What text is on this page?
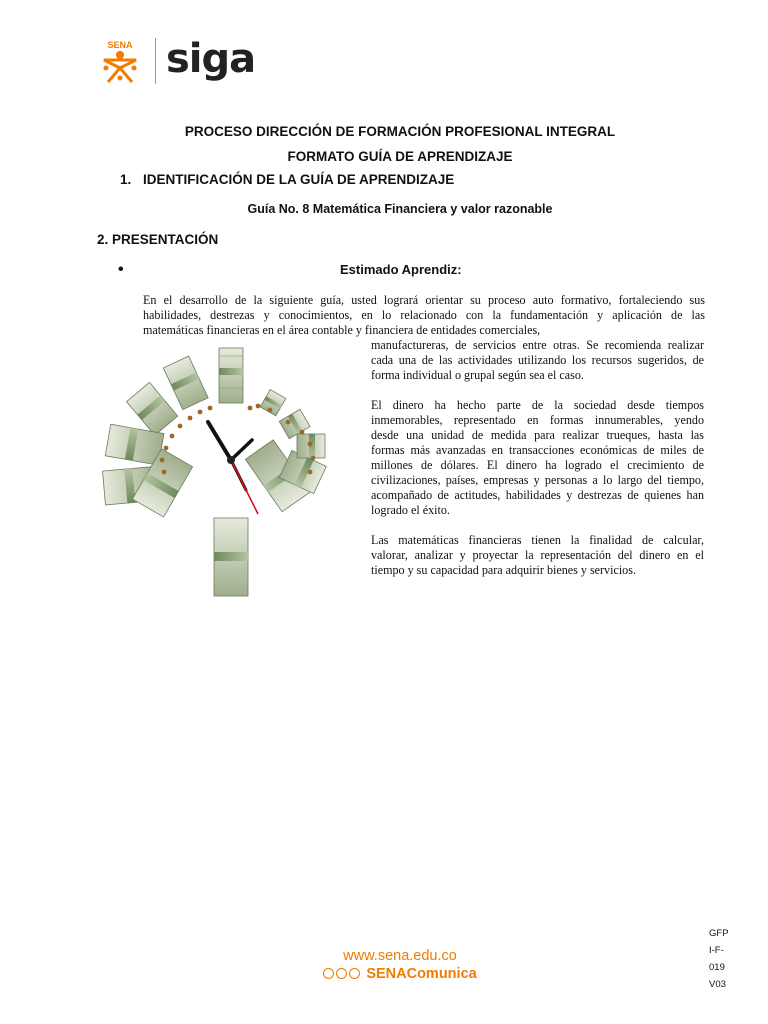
SENA siga
PROCESO DIRECCIÓN DE FORMACIÓN PROFESIONAL INTEGRAL
FORMATO GUÍA DE APRENDIZAJE
1. IDENTIFICACIÓN DE LA GUÍA DE APRENDIZAJE
Guía No. 8 Matemática Financiera y valor razonable
2. PRESENTACIÓN
•	Estimado Aprendiz:
En el desarrollo de la siguiente guía, usted logrará orientar su proceso auto formativo, fortaleciendo sus
habilidades, destrezas y conocimientos, en lo relacionado con la fundamentación y aplicación de las
matemáticas financieras en el área contable y financiera de entidades comerciales,
manufactureras, de servicios entre otras. Se recomienda realizar
cada una de las actividades utilizando los recursos sugeridos, de
forma individual o grupal según sea el caso.
El dinero ha hecho parte de la sociedad desde tiempos
inmemorables, representado en formas innumerables, yendo
desde una unidad de medida para realizar trueques, hasta las
formas más avanzadas en transacciones económicas de miles de
millones de dólares. El dinero ha logrado el crecimiento de
civilizaciones, países, empresas y personas a lo largo del tiempo,
acompañado de actitudes, habilidades y destrezas de quienes han
logrado el éxito.
Las matemáticas financieras tienen la finalidad de calcular,
valorar, analizar y proyectar la representación del dinero en el
tiempo y su capacidad para adquirir bienes y servicios.
www.sena.edu.co
SENAComunica
GFP
I-F-
019
V03
